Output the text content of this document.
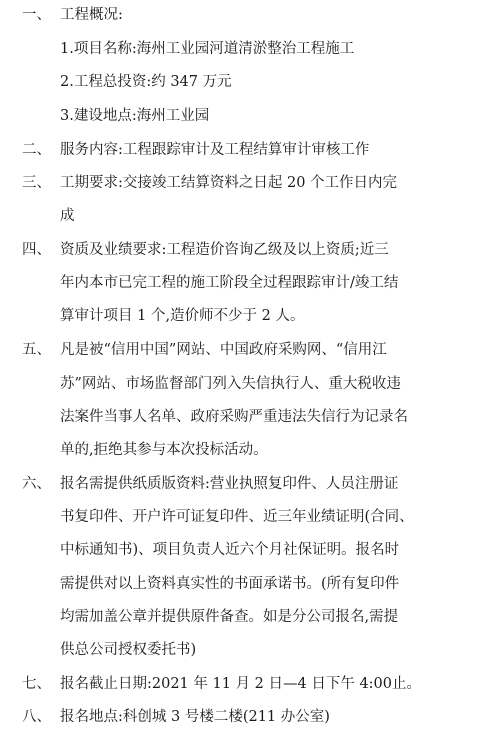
一、 工程概况:
1.项目名称:海州工业园河道清淤整治工程施工
2.工程总投资:约 347 万元
3.建设地点:海州工业园
二、 服务内容:工程跟踪审计及工程结算审计审核工作
三、 工期要求:交接竣工结算资料之日起 20 个工作日内完
成
四、 资质及业绩要求:工程造价咨询乙级及以上资质;近三
年内本市已完工程的施工阶段全过程跟踪审计/竣工结
算审计项目 1 个,造价师不少于 2 人。
五、 凡是被“信用中国”网站、中国政府采购网、“信用江
苏”网站、市场监督部门列入失信执行人、重大税收违
法案件当事人名单、政府采购严重违法失信行为记录名
单的,拒绝其参与本次投标活动。
六、 报名需提供纸质版资料:营业执照复印件、人员注册证
书复印件、开户许可证复印件、近三年业绩证明(合同、
中标通知书)、项目负责人近六个月社保证明。报名时
需提供对以上资料真实性的书面承诺书。(所有复印件
均需加盖公章并提供原件备查。如是分公司报名,需提
供总公司授权委托书)
七、 报名截止日期:2021 年 11 月 2 日—4 日下午 4:00止。
八、 报名地点:科创城 3 号楼二楼(211 办公室)
